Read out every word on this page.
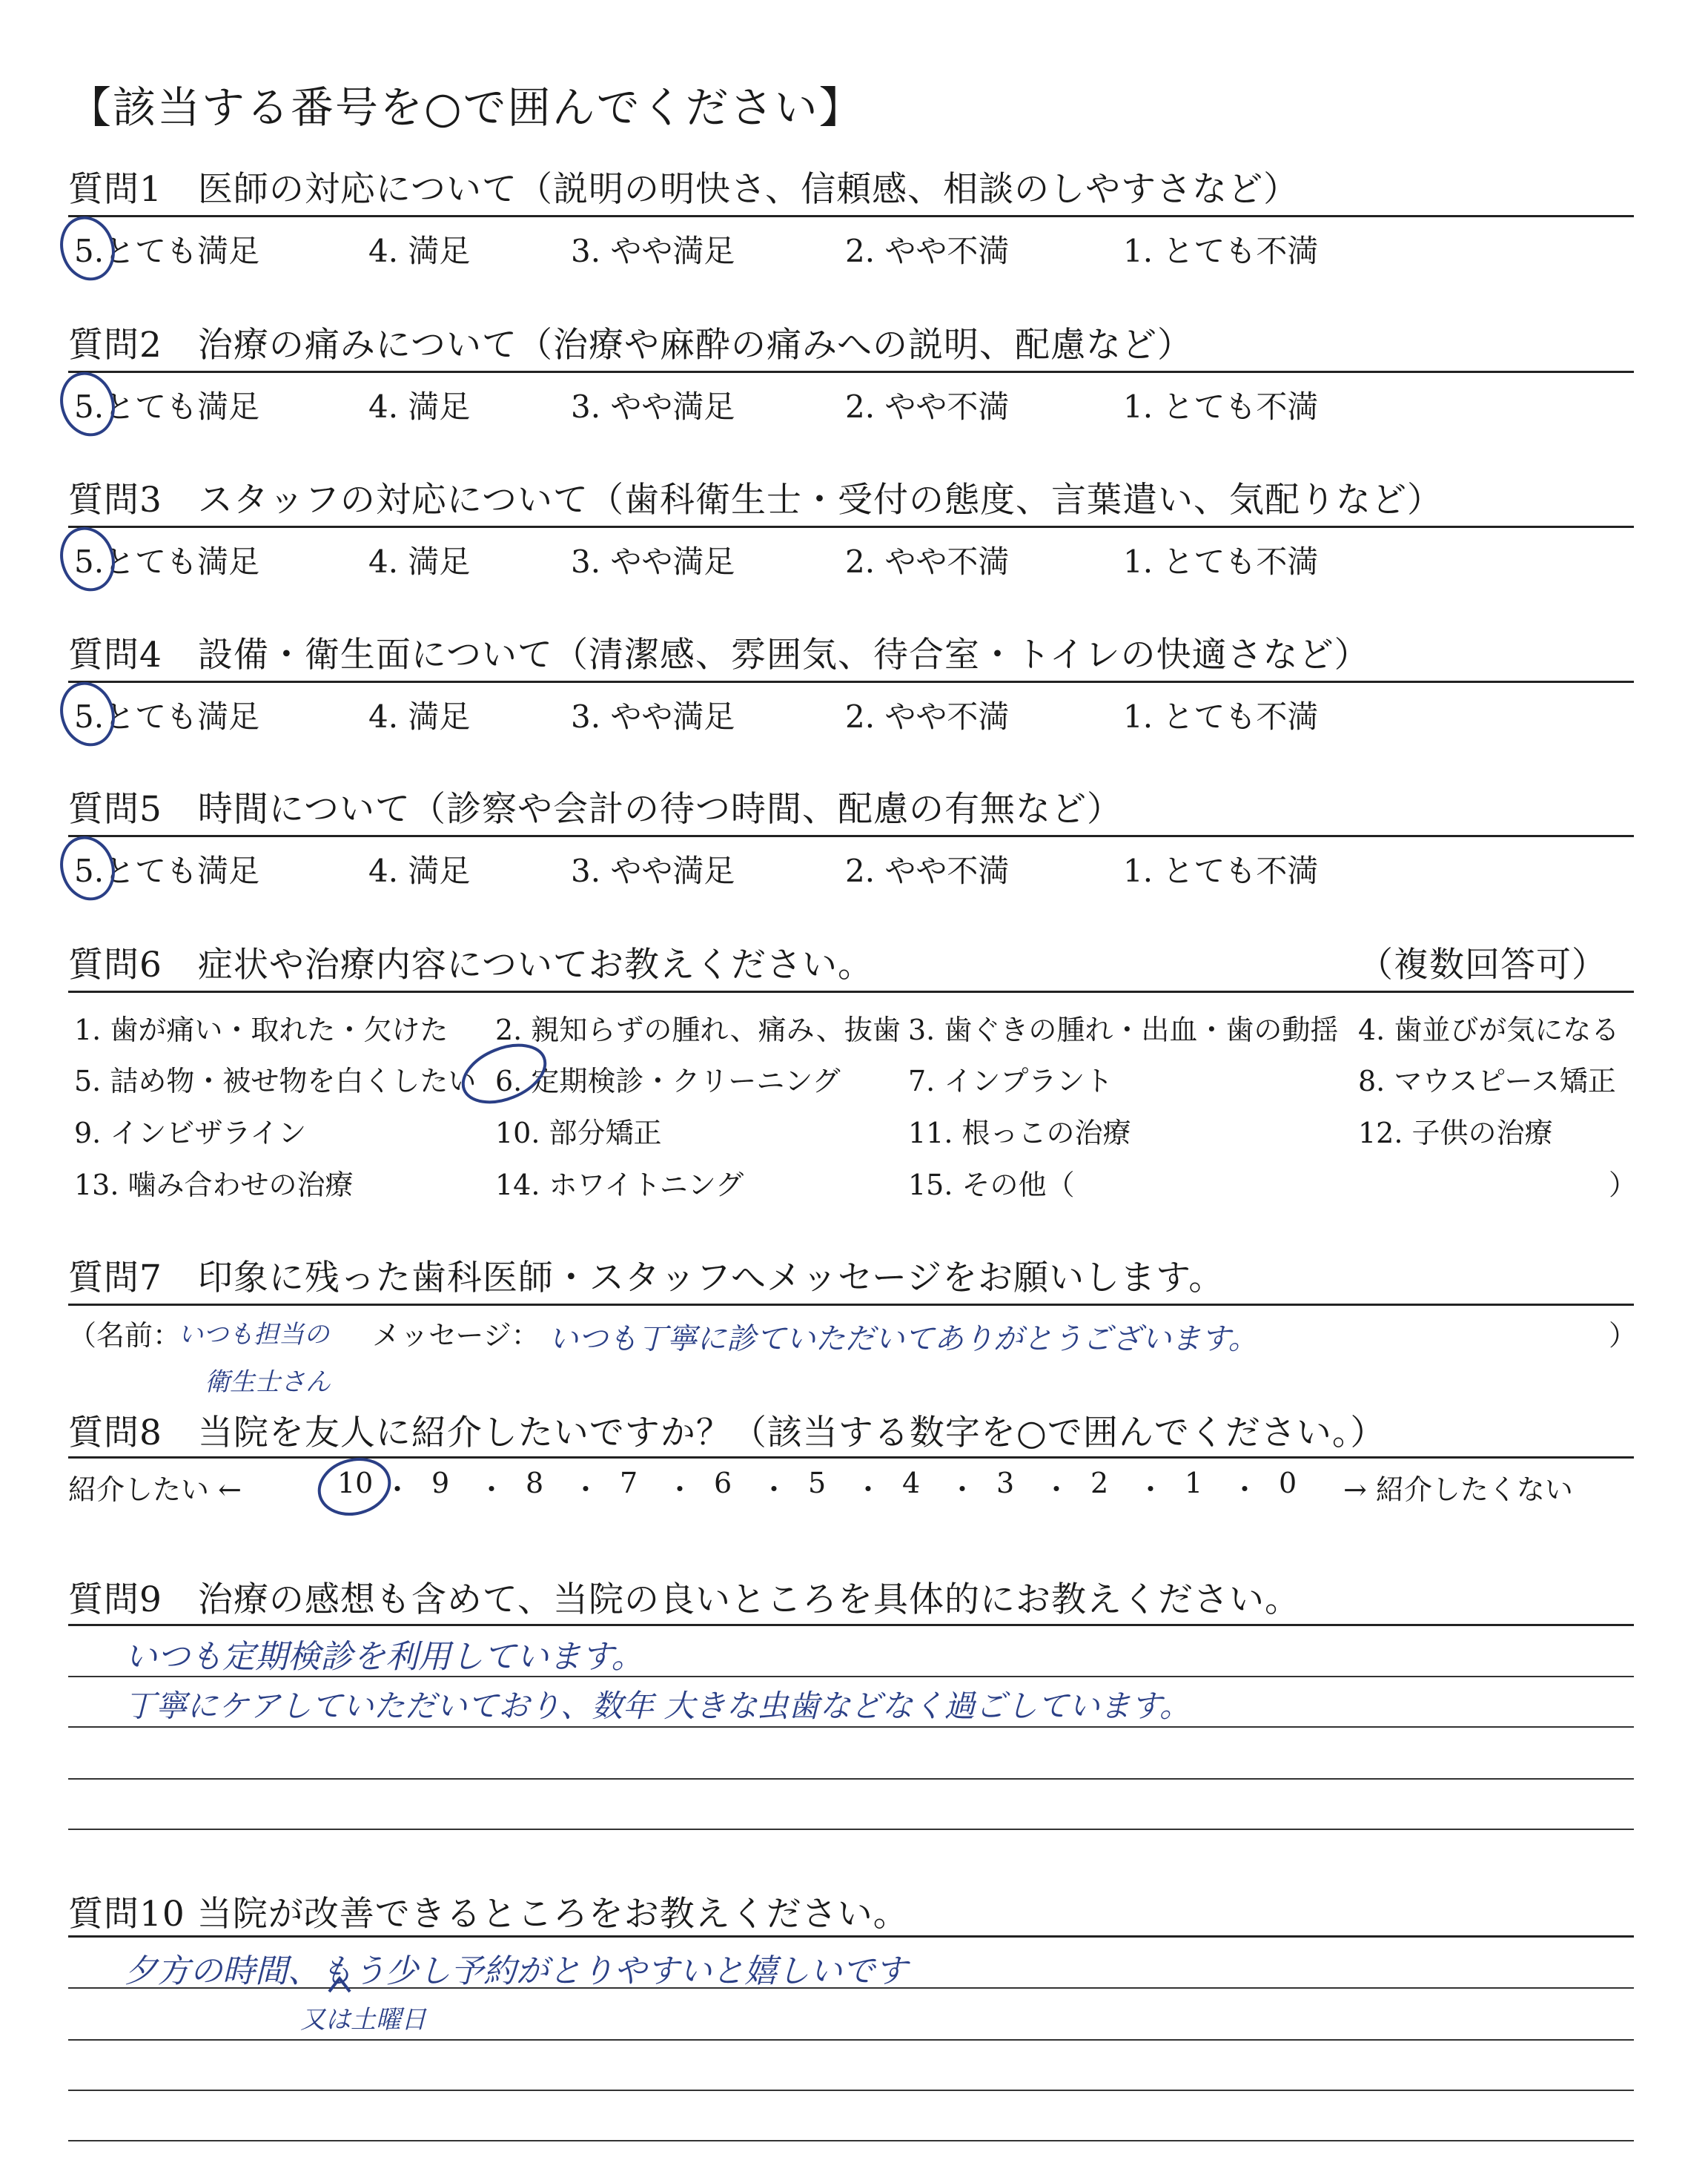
【該当する番号を○で囲んでください】
質問1　医師の対応について（説明の明快さ、信頼感、相談のしやすさなど）
5.とても満足	4. 満足	3. やや満足	2. やや不満	1. とても不満
質問2　治療の痛みについて（治療や麻酔の痛みへの説明、配慮など）
5.とても満足	4. 満足	3. やや満足	2. やや不満	1. とても不満
質問3　スタッフの対応について（歯科衛生士・受付の態度、言葉遣い、気配りなど）
5.とても満足	4. 満足	3. やや満足	2. やや不満	1. とても不満
質問4　設備・衛生面について（清潔感、雰囲気、待合室・トイレの快適さなど）
5.とても満足	4. 満足	3. やや満足	2. やや不満	1. とても不満
質問5　時間について（診察や会計の待つ時間、配慮の有無など）
5.とても満足	4. 満足	3. やや満足	2. やや不満	1. とても不満
質問6　症状や治療内容についてお教えください。	（複数回答可）
1. 歯が痛い・取れた・欠けた 2. 親知らずの腫れ、痛み、抜歯 3. 歯ぐきの腫れ・出血・歯の動揺 4. 歯並びが気になる
5. 詰め物・被せ物を白くしたい 6. 定期検診・クリーニング 7. インプラント	8. マウスピース矯正
9. インビザライン	10. 部分矯正	11. 根っこの治療	12. 子供の治療
13. 噛み合わせの治療	14. ホワイトニング	15. その他（	）
質問7　印象に残った歯科医師・スタッフへメッセージをお願いします。
（名前：
いつも担当の
衛生士さん
メッセージ： いつも丁寧に診ていただいてありがとうございます。	）
質問8　当院を友人に紹介したいですか？（該当する数字を○で囲んでください。）
紹介したい ←	10 ・ 9 ・ 8 ・ 7 ・ 6 ・ 5 ・ 4 ・ 3 ・ 2 ・ 1 ・ 0 → 紹介したくない
質問9　治療の感想も含めて、当院の良いところを具体的にお教えください。
いつも定期検診を利用しています。
丁寧にケアしていただいており、数年 大きな虫歯などなく過ごしています。
質問10 当院が改善できるところをお教えください。
夕方の時間、もう少し予約がとりやすいと嬉しいです
又は土曜日
